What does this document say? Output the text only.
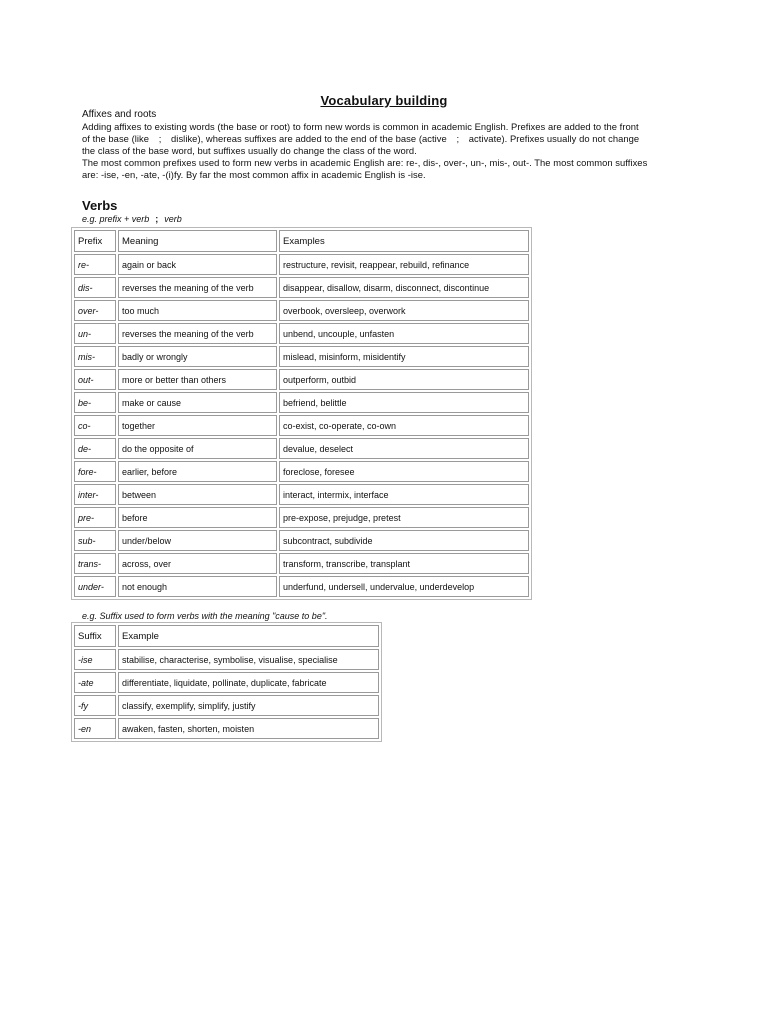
Vocabulary building
Affixes and roots

Adding affixes to existing words (the base or root) to form new words is common in academic English. Prefixes are added to the front

of the base (like ; dislike), whereas suffixes are added to the end of the base (active ; activate). Prefixes usually do not change

the class of the base word, but suffixes usually do change the class of the word.

The most common prefixes used to form new verbs in academic English are: re-, dis-, over-, un-, mis-, out-. The most common suffixes

are: -ise, -en, -ate, -(i)fy. By far the most common affix in academic English is -ise.

Verbs
e.g. prefix + verb ; verb
Prefix	Meaning	Examples
re-	again or back	restructure, revisit, reappear, rebuild, refinance
dis-	reverses the meaning of the verb	disappear, disallow, disarm, disconnect, discontinue
over-	too much	overbook, oversleep, overwork
un-	reverses the meaning of the verb	unbend, uncouple, unfasten
mis-	badly or wrongly	mislead, misinform, misidentify
out-	more or better than others	outperform, outbid
be-	make or cause	befriend, belittle
co-	together	co-exist, co-operate, co-own
de-	do the opposite of	devalue, deselect
fore-	earlier, before	foreclose, foresee
inter-	between	interact, intermix, interface
pre-	before	pre-expose, prejudge, pretest
sub-	under/below	subcontract, subdivide
trans-	across, over	transform, transcribe, transplant
under-	not enough	underfund, undersell, undervalue, underdevelop
e.g. Suffix used to form verbs with the meaning "cause to be".
Suffix	Example
-ise	stabilise, characterise, symbolise, visualise, specialise
-ate	differentiate, liquidate, pollinate, duplicate, fabricate
-fy	classify, exemplify, simplify, justify
-en	awaken, fasten, shorten, moisten
